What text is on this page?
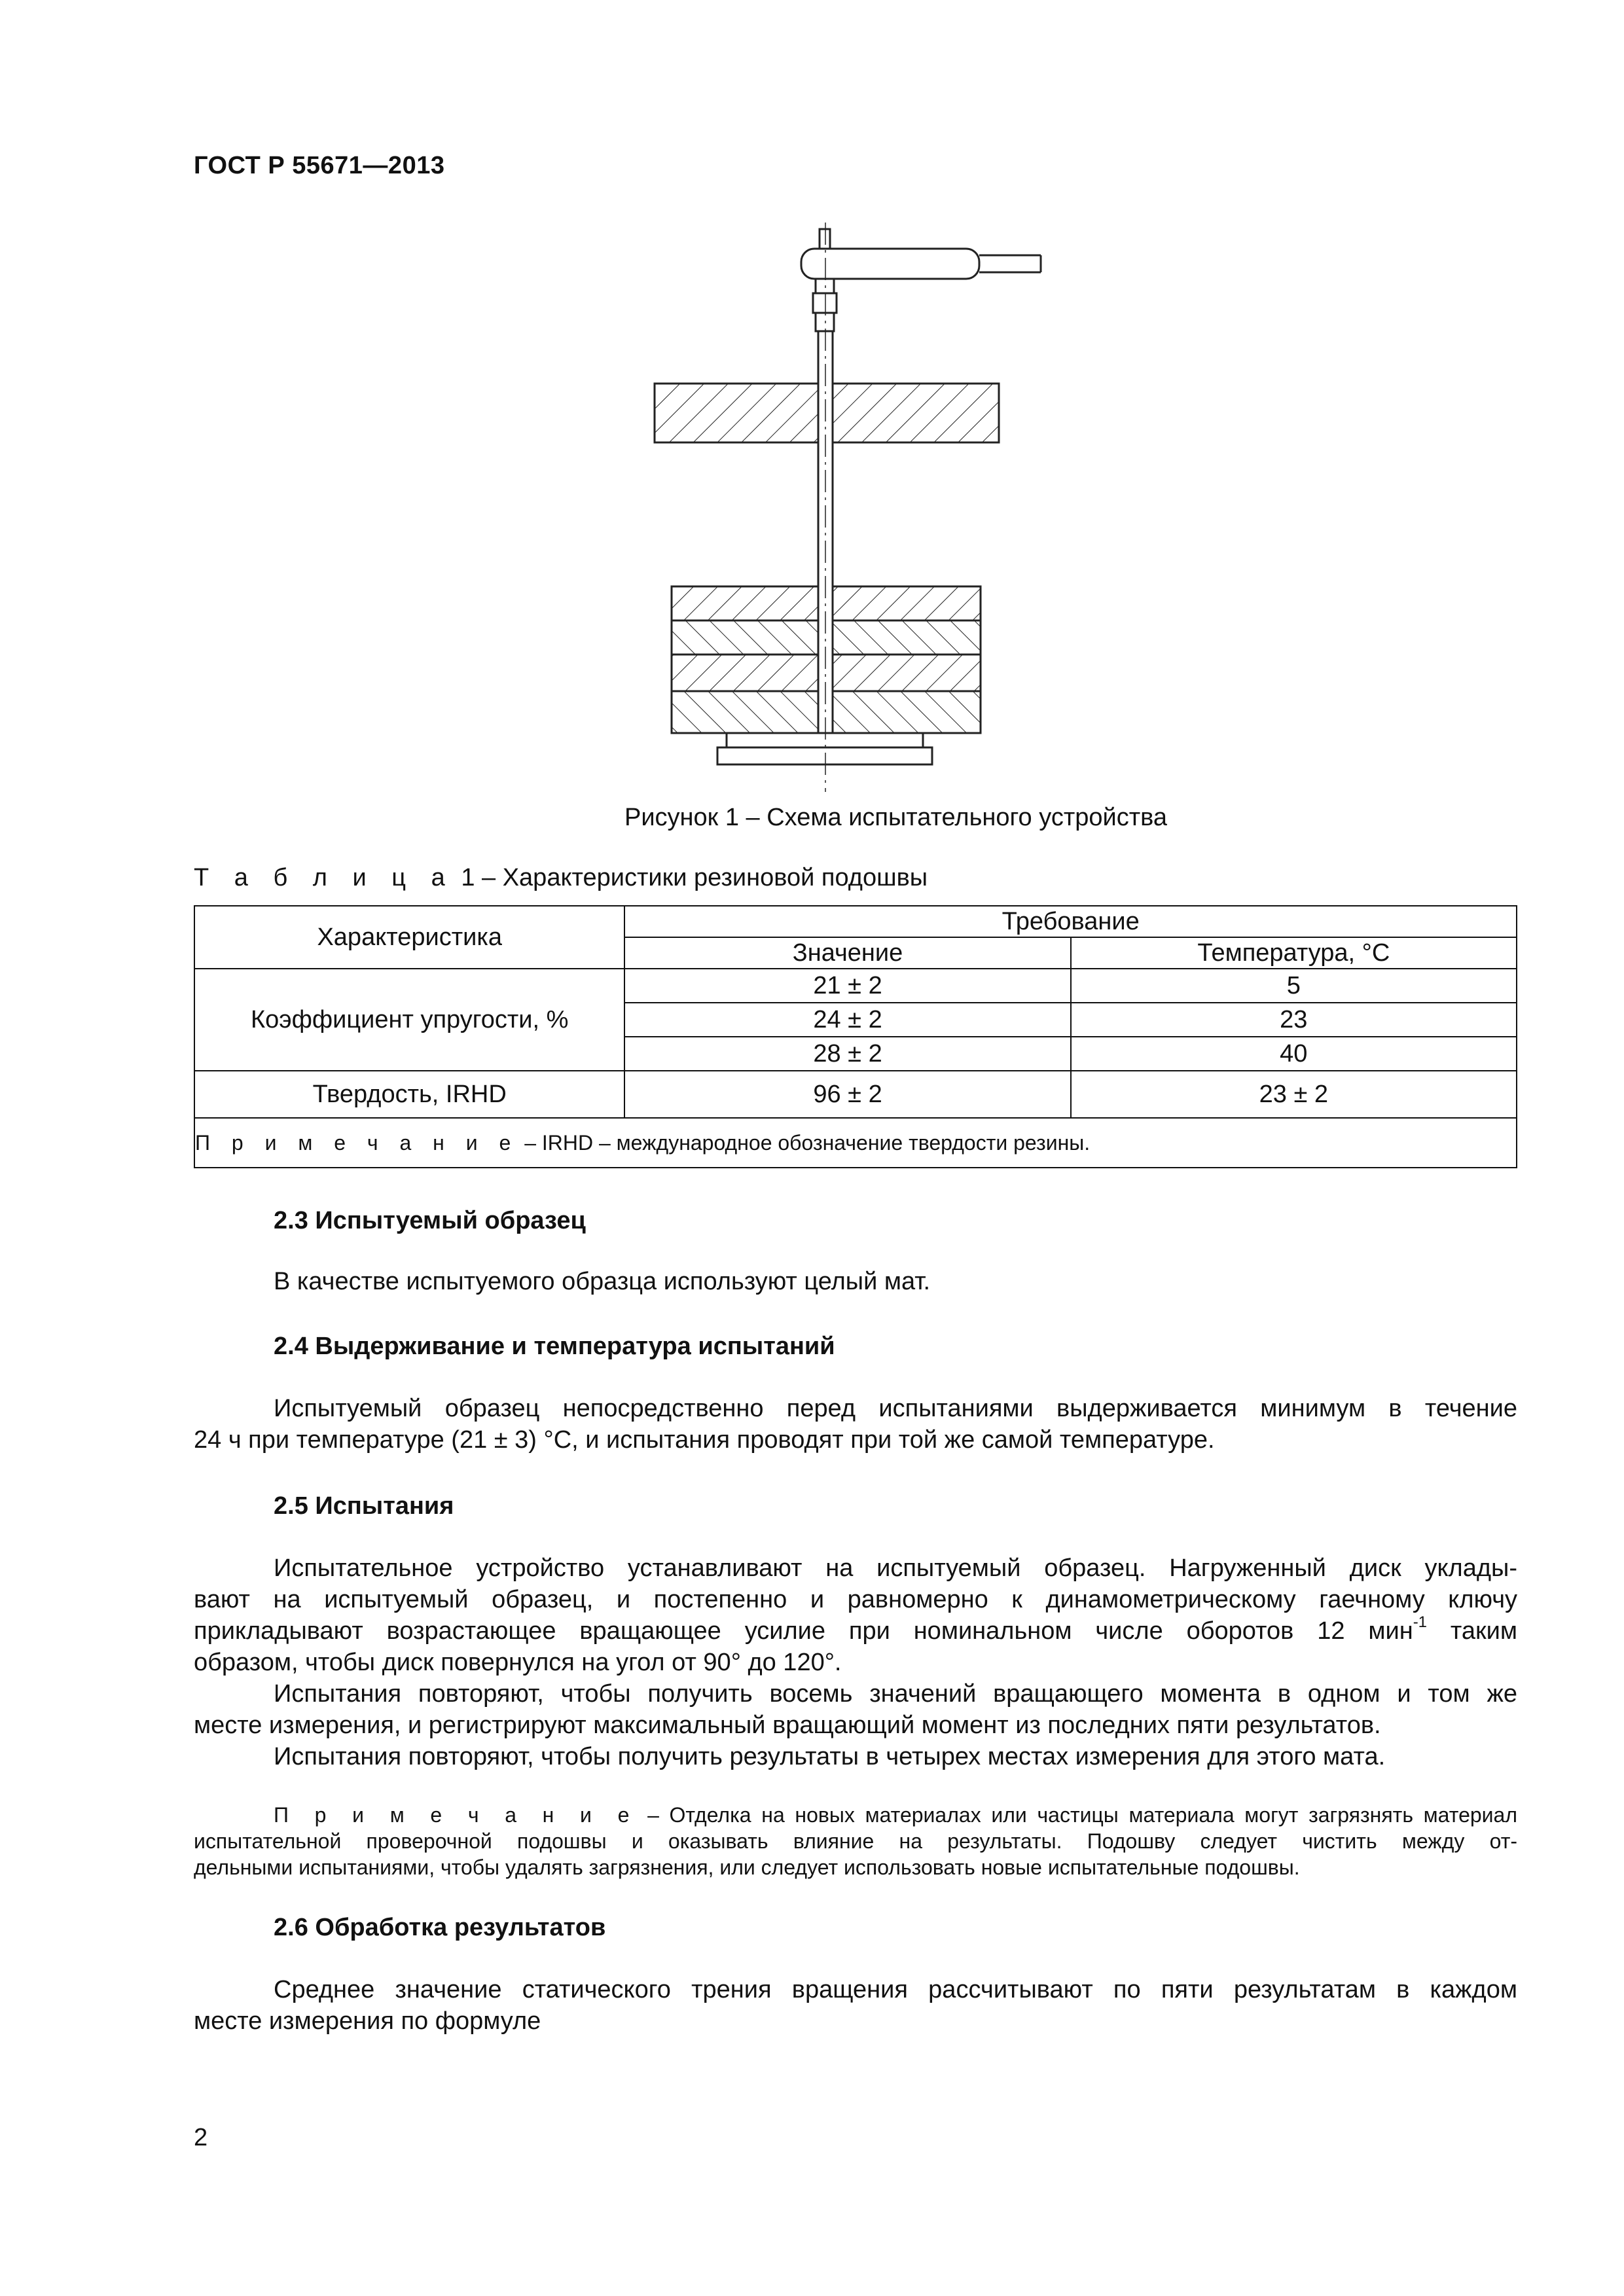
ГОСТ Р 55671—2013
Рисунок 1 – Схема испытательного устройства
Т а б л и ц а 1 – Характеристики резиновой подошвы
Характеристика	Требование	
	Значение	Температура, °С
Коэффициент упругости, %	21 ± 2	5
	24 ± 2	23
	28 ± 2	40
Твердость, IRHD	96 ± 2	23 ± 2
П р и м е ч а н и е – IRHD – международное обозначение твердости резины.		
2.3 Испытуемый образец
В качестве испытуемого образца используют целый мат.
2.4 Выдерживание и температура испытаний
Испытуемый образец непосредственно перед испытаниями выдерживается минимум в течение
24 ч при температуре (21 ± 3) °С, и испытания проводят при той же самой температуре.
2.5 Испытания
Испытательное устройство устанавливают на испытуемый образец. Нагруженный диск уклады-
вают на испытуемый образец, и постепенно и равномерно к динамометрическому гаечному ключу
прикладывают возрастающее вращающее усилие при номинальном числе оборотов 12 мин$^{-1}$ таким
образом, чтобы диск повернулся на угол от 90° до 120°.
Испытания повторяют, чтобы получить восемь значений вращающего момента в одном и том же
месте измерения, и регистрируют максимальный вращающий момент из последних пяти результатов.
Испытания повторяют, чтобы получить результаты в четырех местах измерения для этого мата.
П р и м е ч а н и е – Отделка на новых материалах или частицы материала могут загрязнять материал
испытательной проверочной подошвы и оказывать влияние на результаты. Подошву следует чистить между от-
дельными испытаниями, чтобы удалять загрязнения, или следует использовать новые испытательные подошвы.
2.6 Обработка результатов
Среднее значение статического трения вращения рассчитывают по пяти результатам в каждом
месте измерения по формуле
2
